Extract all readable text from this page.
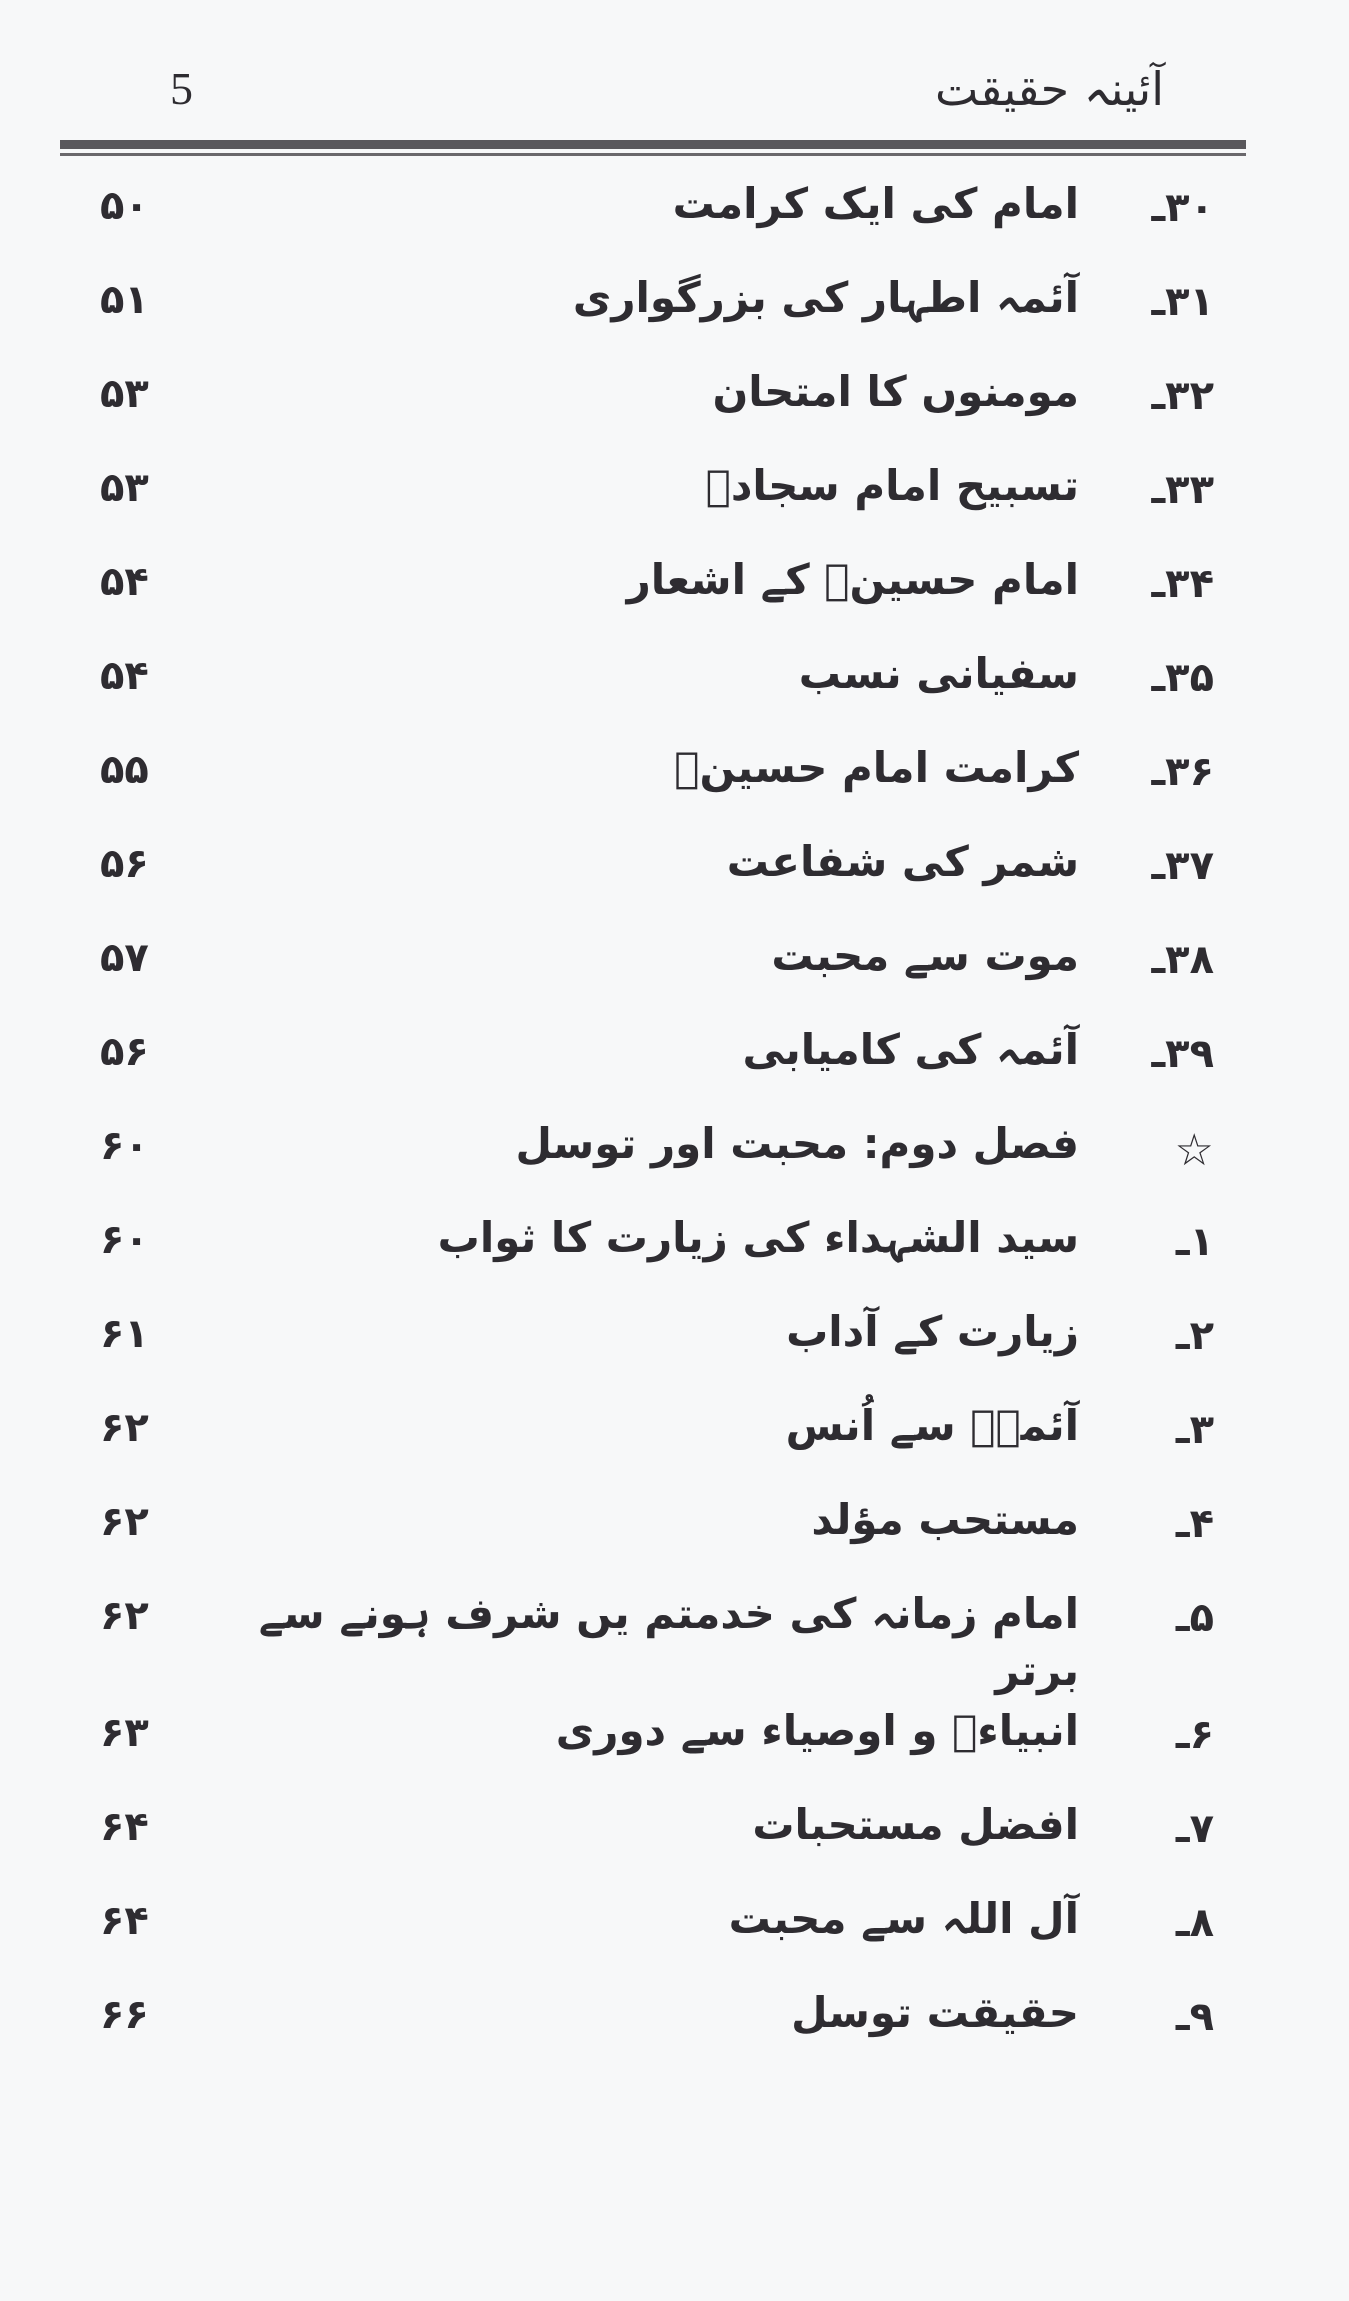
آئینہ حقیقت
5
۳۰ـ
امام کی ایک کرامت
۵۰
۳۱ـ
آئمہ اطہار کی بزرگواری
۵۱
۳۲ـ
مومنوں کا امتحان
۵۳
۳۳ـ
تسبیح امام سجادؑ
۵۳
۳۴ـ
امام حسینؑ کے اشعار
۵۴
۳۵ـ
سفیانی نسب
۵۴
۳۶ـ
کرامت امام حسینؑ
۵۵
۳۷ـ
شمر کی شفاعت
۵۶
۳۸ـ
موت سے محبت
۵۷
۳۹ـ
آئمہ کی کامیابی
۵۶
☆
فصل دوم: محبت اور توسل
۶۰
۱ـ
سید الشہداء کی زیارت کا ثواب
۶۰
۲ـ
زیارت کے آداب
۶۱
۳ـ
آئمہؑ سے اُنس
۶۲
۴ـ
مستحب مؤلد
۶۲
۵ـ
امام زمانہ کی خدمتم یں شرف ہونے سے برتر
۶۲
۶ـ
انبیاءؑ و اوصیاء سے دوری
۶۳
۷ـ
افضل مستحبات
۶۴
۸ـ
آل اللہ سے محبت
۶۴
۹ـ
حقیقت توسل
۶۶
